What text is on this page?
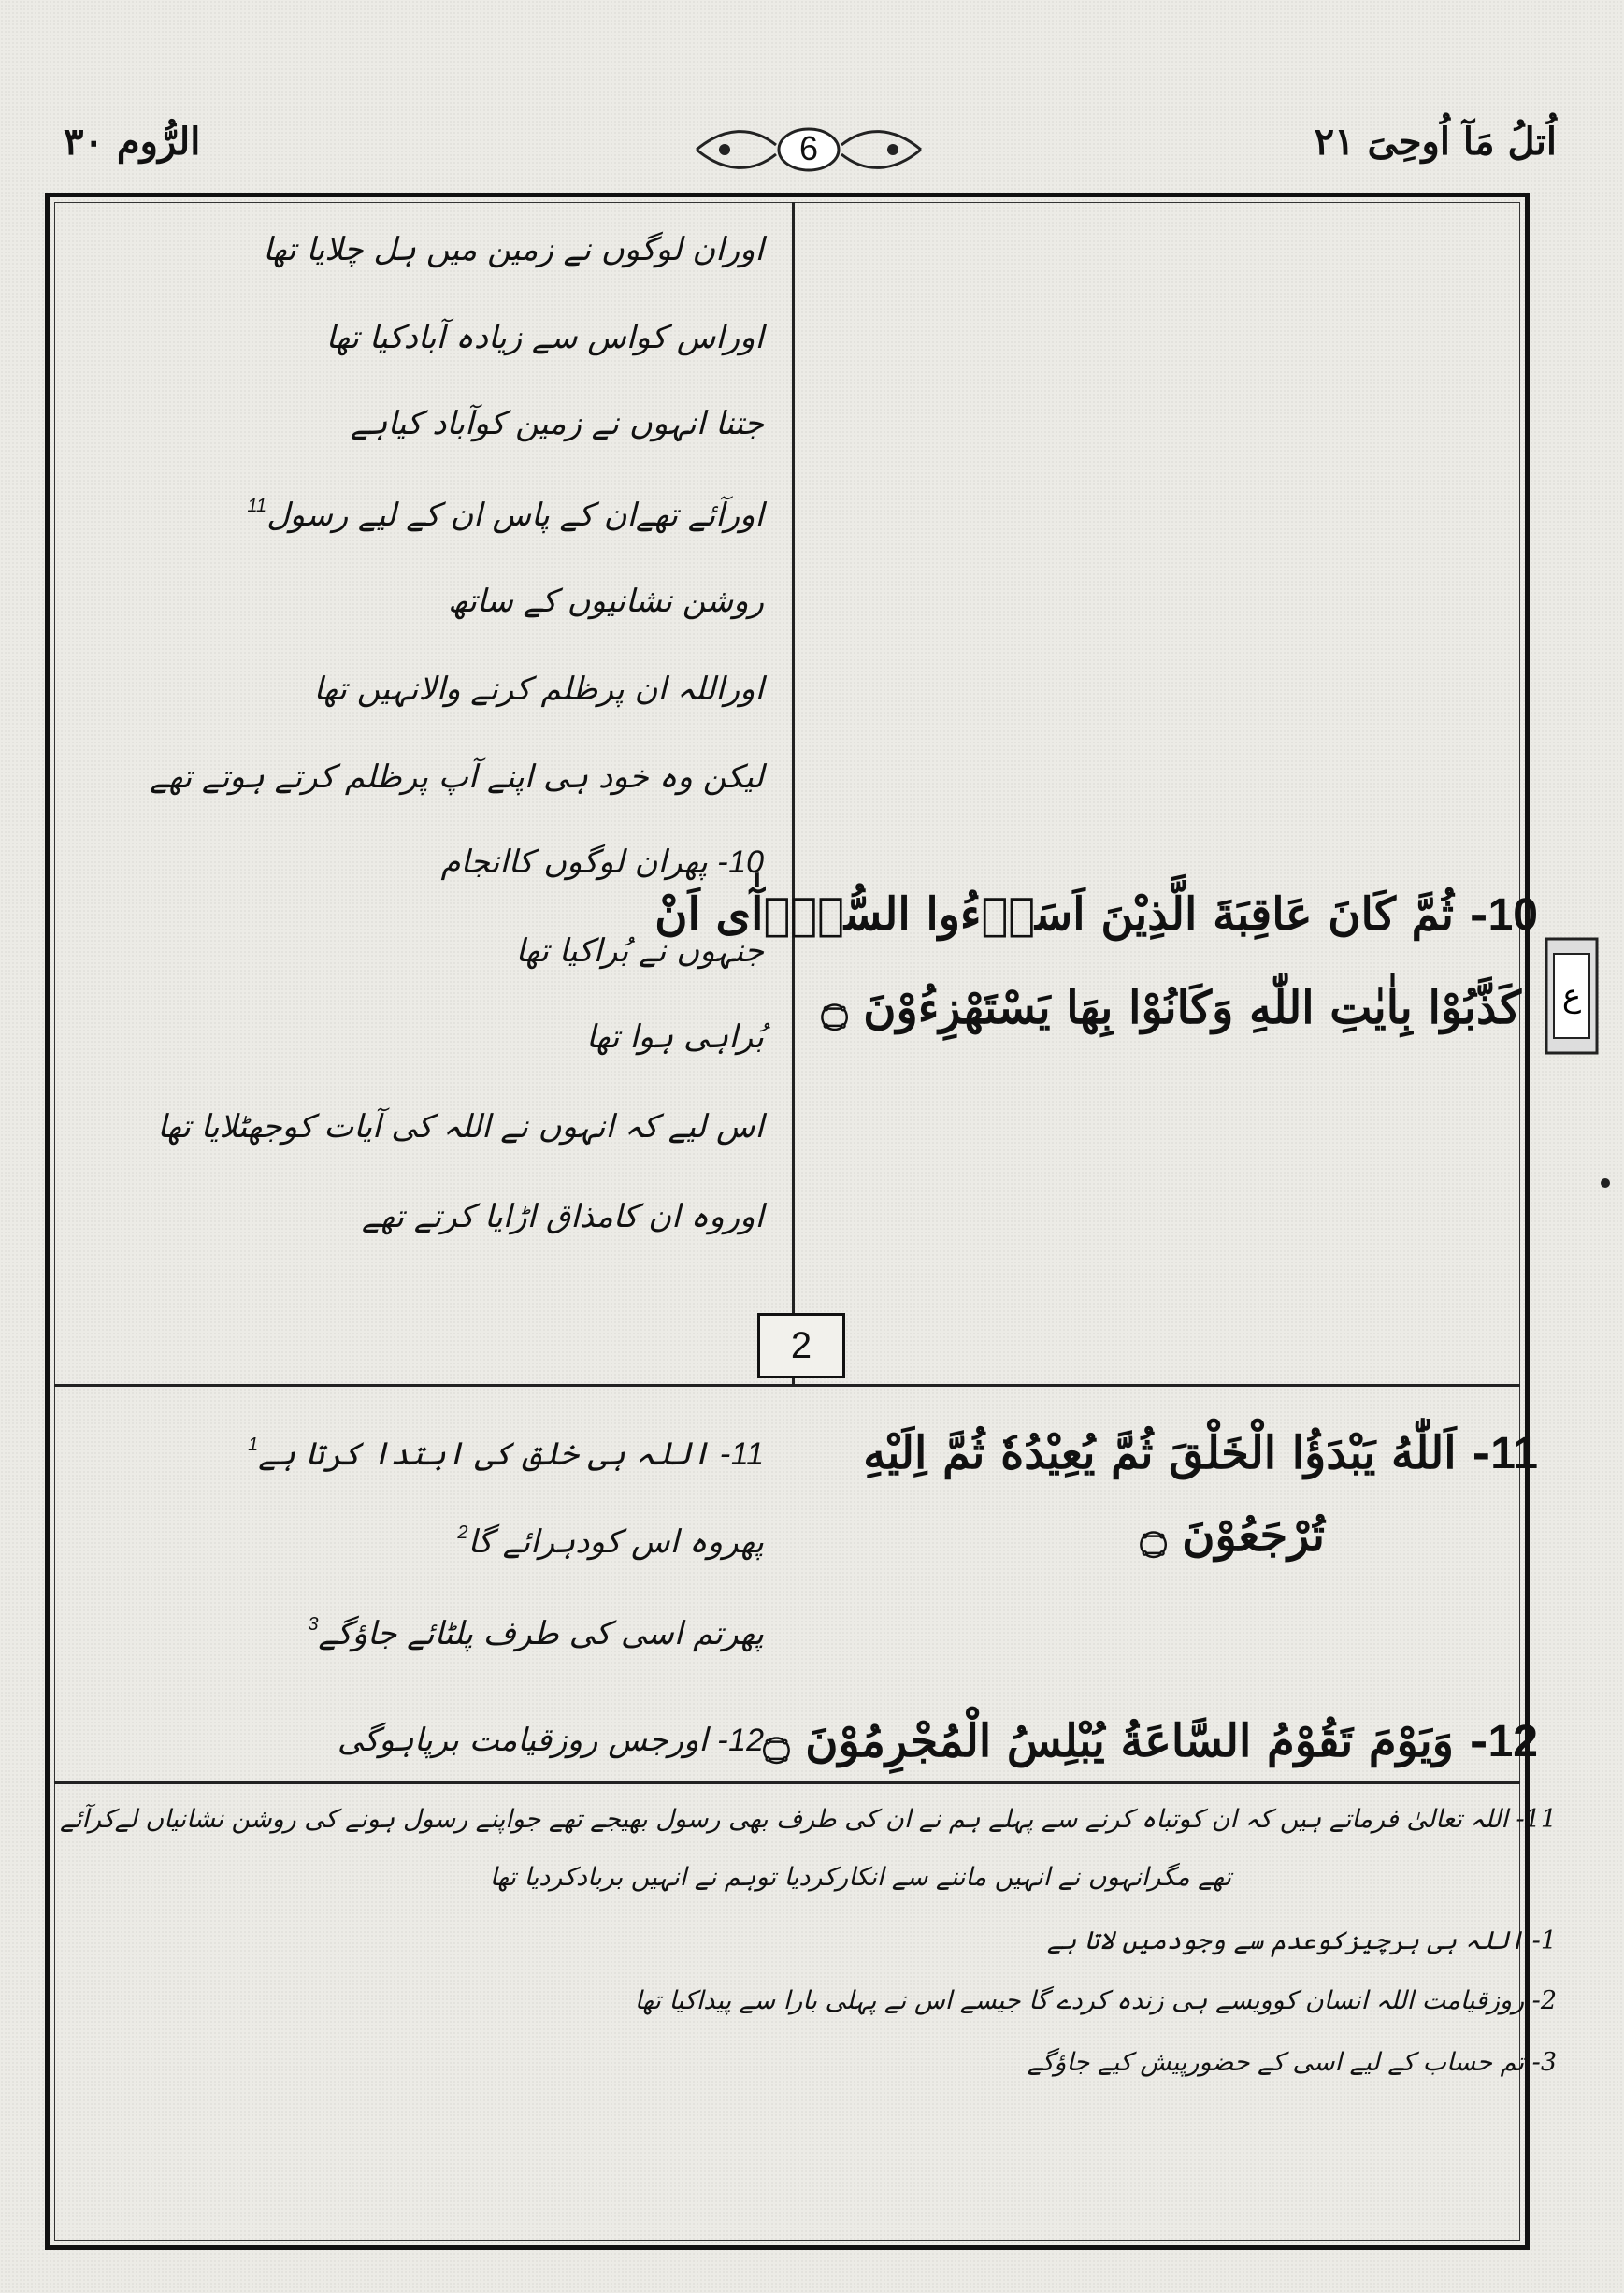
اُتلُ مَآ اُوحِیَ ۲۱
الرُّوم ۳۰	6
اوران لوگوں نے زمین میں ہل چلایا تھا
اوراس کواس سے زیادہ آبادکیا تھا
جتنا انہوں نے زمین کوآباد کیاہے
اورآئے تھےان کے پاس ان کے لیے رسول$^{11}$
روشن نشانیوں کے ساتھ
اوراللہ ان پرظلم کرنے والانہیں تھا
لیکن وہ خود ہی اپنے آپ پرظلم کرتے ہوتے تھے
10- ثُمَّ كَانَ عَاقِبَةَ الَّذِيْنَ اَسَاۗءُوا السُّوْۗآٰى اَنْ
كَذَّبُوْا بِاٰيٰتِ اللّٰهِ وَكَانُوْا بِهَا يَسْتَهْزِءُوْنَ ۝
10- پھران لوگوں کاانجام
جنہوں نے بُراکیا تھا
بُراہی ہوا تھا
اس لیے کہ انہوں نے اللہ کی آیات کوجھٹلایا تھا
اوروہ ان کامذاق اڑایا کرتے تھے
ع
2
11- اَللّٰهُ يَبْدَؤُا الْخَلْقَ ثُمَّ يُعِيْدُهٗ ثُمَّ اِلَيْهِ
تُرْجَعُوْنَ ۝
11- اللہ ہی خلق کی ابتدا کرتا ہے$^1$
پھروہ اس کودہرائے گا$^2$
پھرتم اسی کی طرف پلٹائے جاؤگے$^3$
12- وَيَوْمَ تَقُوْمُ السَّاعَةُ يُبْلِسُ الْمُجْرِمُوْنَ ۝
12- اورجس روزقیامت برپاہوگی
11- اللہ تعالیٰ فرماتے ہیں کہ ان کوتباہ کرنے سے پہلے ہم نے ان کی طرف بھی رسول بھیجے تھے جواپنے رسول ہونے کی روشن نشانیاں لےکرآئے
تھے مگرانہوں نے انہیں ماننے سے انکارکردیا توہم نے انہیں بربادکردیا تھا
1- اللہ ہی ہرچیزکوعدم سے وجودمیں لاتا ہے
2- روزقیامت اللہ انسان کوویسے ہی زندہ کردے گا جیسے اس نے پہلی بارا سے پیداکیا تھا
3- تم حساب کے لیے اسی کے حضورپیش کیے جاؤگے
